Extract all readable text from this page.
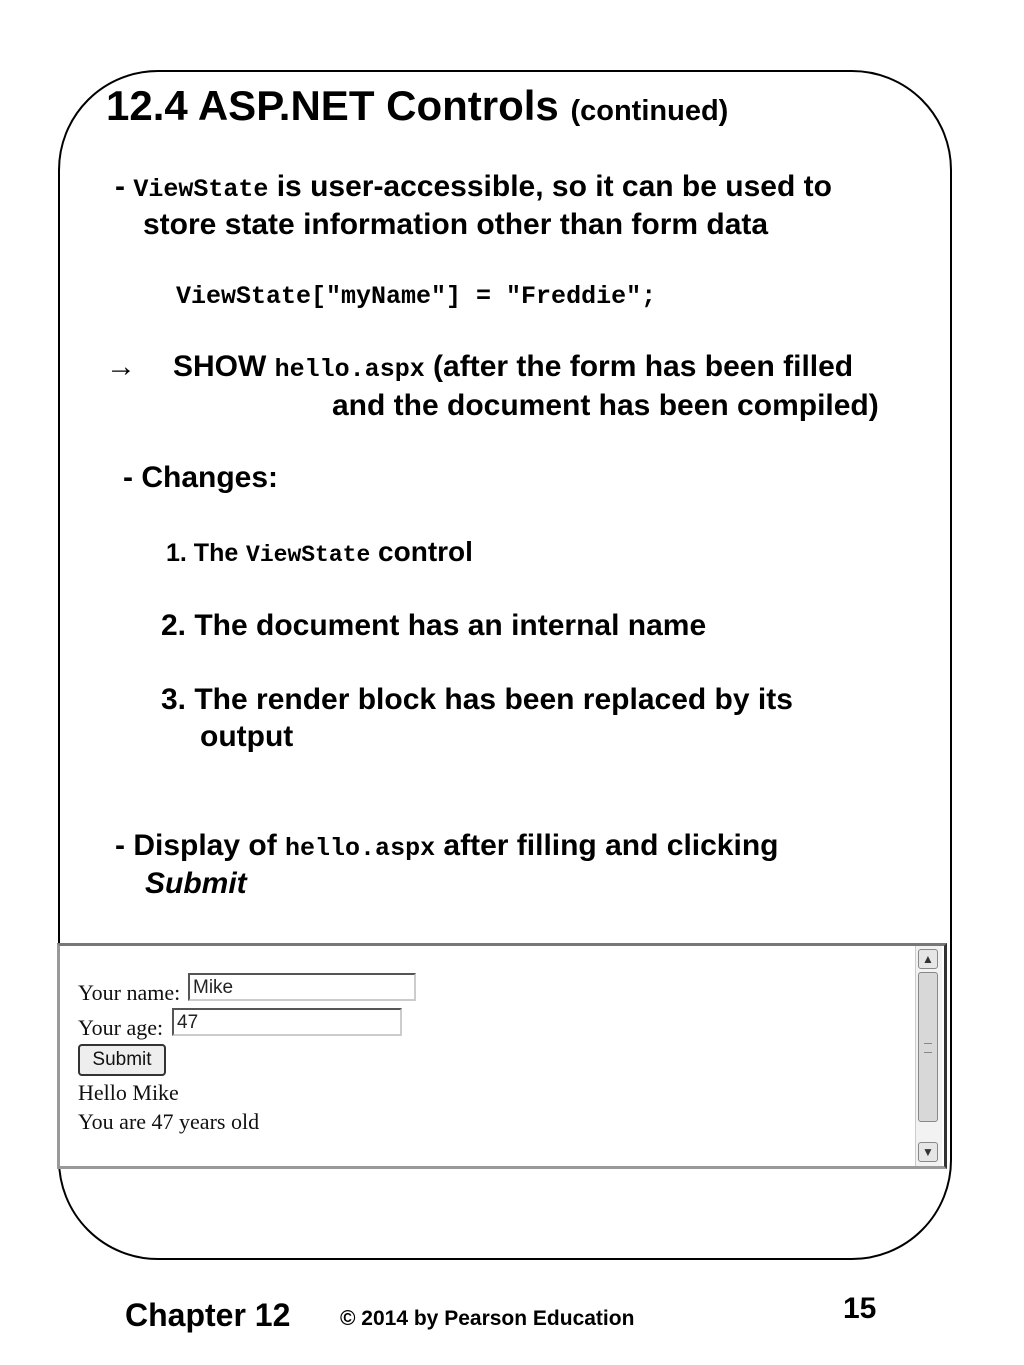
12.4 ASP.NET Controls (continued)
- ViewState is user-accessible, so it can be used to
store state information other than form data
ViewState[″myName″] = ″Freddie″;
→ SHOW hello.aspx (after the form has been filled
and the document has been compiled)
- Changes:
1. The ViewState control
2. The document has an internal name
3. The render block has been replaced by its
output
- Display of hello.aspx after filling and clicking
Submit
Your name: Mike
Your age: 47
Submit
Hello Mike
You are 47 years old
▲
▼
Chapter 12 © 2014 by Pearson Education	15
